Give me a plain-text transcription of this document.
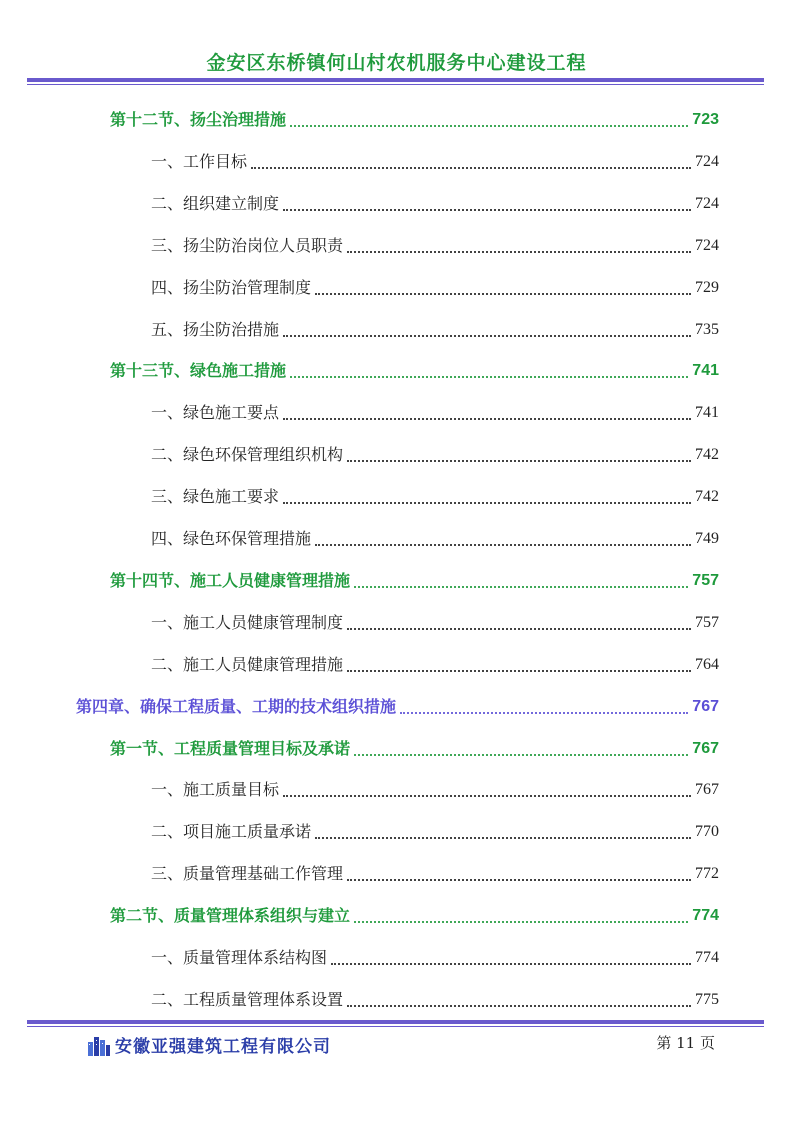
金安区东桥镇何山村农机服务中心建设工程
第十二节、扬尘治理措施	723
一、工作目标	724
二、组织建立制度	724
三、扬尘防治岗位人员职责	724
四、扬尘防治管理制度	729
五、扬尘防治措施	735
第十三节、绿色施工措施	741
一、绿色施工要点	741
二、绿色环保管理组织机构	742
三、绿色施工要求	742
四、绿色环保管理措施	749
第十四节、施工人员健康管理措施	757
一、施工人员健康管理制度	757
二、施工人员健康管理措施	764
第四章、确保工程质量、工期的技术组织措施	767
第一节、工程质量管理目标及承诺	767
一、施工质量目标	767
二、项目施工质量承诺	770
三、质量管理基础工作管理	772
第二节、质量管理体系组织与建立	774
一、质量管理体系结构图	774
二、工程质量管理体系设置	775
安徽亚强建筑工程有限公司	第 11 页
